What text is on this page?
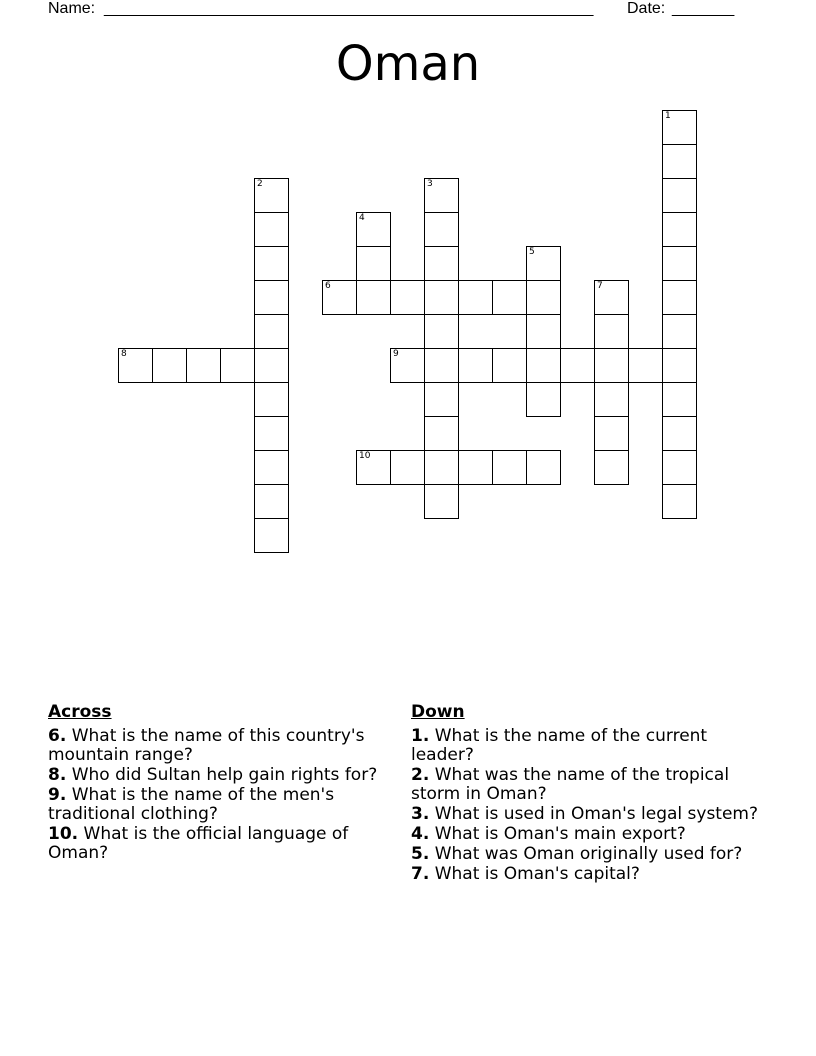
Name: _______________________________________________________ Date: _______
Oman
1
2	3
4
5
6	7
8	9
10
Across
6. What is the name of this country's mountain range?
8. Who did Sultan help gain rights for?
9. What is the name of the men's traditional clothing?
10. What is the official language of Oman?
Down
1. What is the name of the current leader?
2. What was the name of the tropical storm in Oman?
3. What is used in Oman's legal system?
4. What is Oman's main export?
5. What was Oman originally used for?
7. What is Oman's capital?
